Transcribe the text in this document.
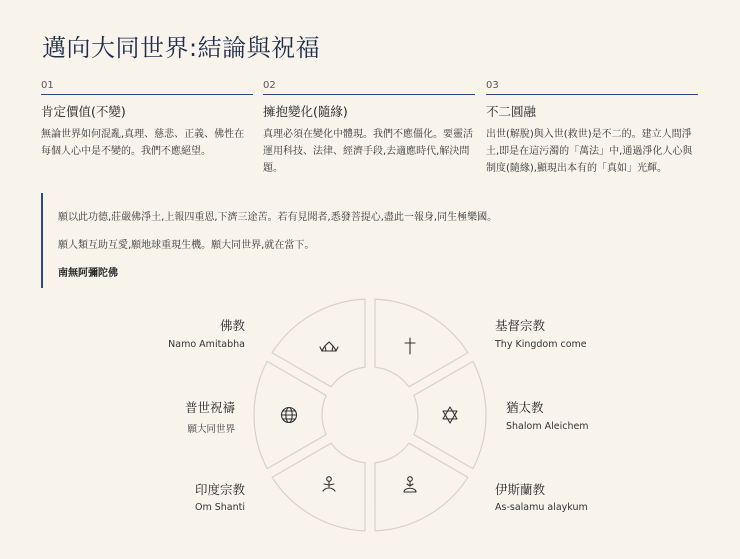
邁向大同世界:結論與祝福
01
肯定價值(不變)
無論世界如何混亂,真理、慈悲、正義、佛性在
每個人心中是不變的。我們不應絕望。
02
擁抱變化(隨緣)
真理必須在變化中體現。我們不應僵化。要靈活
運用科技、法律、經濟手段,去適應時代,解決問
題。
03
不二圓融
出世(解脫)與入世(救世)是不二的。建立人間淨
土,即是在這污濁的「萬法」中,通過淨化人心與
制度(隨緣),顯現出本有的「真如」光輝。

願以此功德,莊嚴佛淨土,上報四重恩,下濟三途苦。若有見聞者,悉發菩提心,盡此一報身,同生極樂國。

願人類互助互愛,願地球重現生機。願大同世界,就在當下。

南無阿彌陀佛

佛教
Namo Amitabha
基督宗教
Thy Kingdom come
普世祝禱
願大同世界
猶太教
Shalom Aleichem
印度宗教
Om Shanti
伊斯蘭教
As-salamu alaykum
